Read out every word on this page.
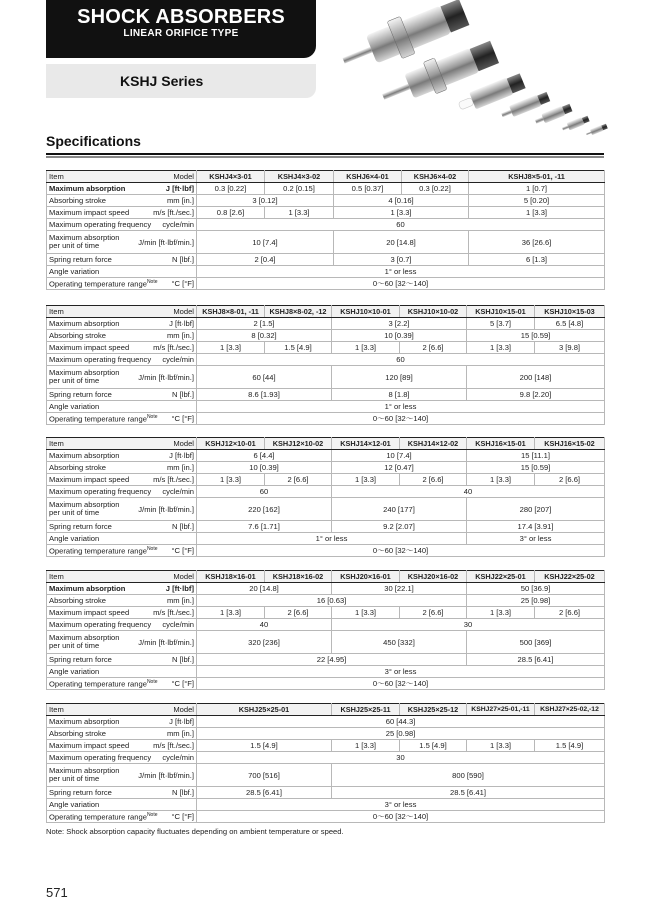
SHOCK ABSORBERS
LINEAR ORIFICE TYPE
KSHJ Series
Specifications
Item	Model	KSHJ4×3-01	KSHJ4×3-02	KSHJ6×4-01	KSHJ6×4-02	KSHJ8×5-01, -11
Maximum absorption	J [ft·lbf]	0.3 [0.22]	0.2 [0.15]	0.5 [0.37]	0.3 [0.22]	1 [0.7]
Absorbing stroke	mm [in.]	3 [0.12]		4 [0.16]		5 [0.20]
Maximum impact speed	m/s [ft./sec.]	0.8 [2.6]	1 [3.3]	1 [3.3]		1 [3.3]
Maximum operating frequency	cycle/min	60				
Maximum absorption
per unit of time	J/min [ft·lbf/min.]	10 [7.4]		20 [14.8]		36 [26.6]
Spring return force	N [lbf.]	2 [0.4]		3 [0.7]		6 [1.3]
Angle variation		1° or less				
Operating temperature range$^{Note}$	°C [°F]	0～60 [32～140]				
Item	Model	KSHJ8×8-01, -11	KSHJ8×8-02, -12	KSHJ10×10-01	KSHJ10×10-02	KSHJ10×15-01	KSHJ10×15-03
Maximum absorption	J [ft·lbf]	2 [1.5]		3 [2.2]		5 [3.7]	6.5 [4.8]
Absorbing stroke	mm [in.]	8 [0.32]		10 [0.39]		15 [0.59]	
Maximum impact speed	m/s [ft./sec.]	1 [3.3]	1.5 [4.9]	1 [3.3]	2 [6.6]	1 [3.3]	3 [9.8]
Maximum operating frequency	cycle/min	60					
Maximum absorption
per unit of time	J/min [ft·lbf/min.]	60 [44]		120 [89]		200 [148]	
Spring return force	N [lbf.]	8.6 [1.93]		8 [1.8]		9.8 [2.20]	
Angle variation		1° or less					
Operating temperature range$^{Note}$	°C [°F]	0～60 [32～140]					
Item	Model	KSHJ12×10-01	KSHJ12×10-02	KSHJ14×12-01	KSHJ14×12-02	KSHJ16×15-01	KSHJ16×15-02
Maximum absorption	J [ft·lbf]	6 [4.4]		10 [7.4]		15 [11.1]	
Absorbing stroke	mm [in.]	10 [0.39]		12 [0.47]		15 [0.59]	
Maximum impact speed	m/s [ft./sec.]	1 [3.3]	2 [6.6]	1 [3.3]	2 [6.6]	1 [3.3]	2 [6.6]
Maximum operating frequency	cycle/min	60		40			
Maximum absorption
per unit of time	J/min [ft·lbf/min.]	220 [162]		240 [177]		280 [207]	
Spring return force	N [lbf.]	7.6 [1.71]		9.2 [2.07]		17.4 [3.91]	
Angle variation		1° or less				3° or less	
Operating temperature range$^{Note}$	°C [°F]	0～60 [32～140]					
Item	Model	KSHJ18×16-01	KSHJ18×16-02	KSHJ20×16-01	KSHJ20×16-02	KSHJ22×25-01	KSHJ22×25-02
Maximum absorption	J [ft·lbf]	20 [14.8]		30 [22.1]		50 [36.9]	
Absorbing stroke	mm [in.]	16 [0.63]				25 [0.98]	
Maximum impact speed	m/s [ft./sec.]	1 [3.3]	2 [6.6]	1 [3.3]	2 [6.6]	1 [3.3]	2 [6.6]
Maximum operating frequency	cycle/min	40		30			
Maximum absorption
per unit of time	J/min [ft·lbf/min.]	320 [236]		450 [332]		500 [369]	
Spring return force	N [lbf.]	22 [4.95]				28.5 [6.41]	
Angle variation		3° or less					
Operating temperature range$^{Note}$	°C [°F]	0～60 [32～140]					
Item	Model	KSHJ25×25-01	KSHJ25×25-11	KSHJ25×25-12	KSHJ27×25-01,-11	KSHJ27×25-02,-12
Maximum absorption	J [ft·lbf]	60 [44.3]				
Absorbing stroke	mm [in.]	25 [0.98]				
Maximum impact speed	m/s [ft./sec.]	1.5 [4.9]	1 [3.3]	1.5 [4.9]	1 [3.3]	1.5 [4.9]
Maximum operating frequency	cycle/min	30				
Maximum absorption
per unit of time	J/min [ft·lbf/min.]	700 [516]	800 [590]			
Spring return force	N [lbf.]	28.5 [6.41]	28.5 [6.41]			
Angle variation		3° or less				
Operating temperature range$^{Note}$	°C [°F]	0～60 [32～140]				
Note: Shock absorption capacity fluctuates depending on ambient temperature or speed.
571
